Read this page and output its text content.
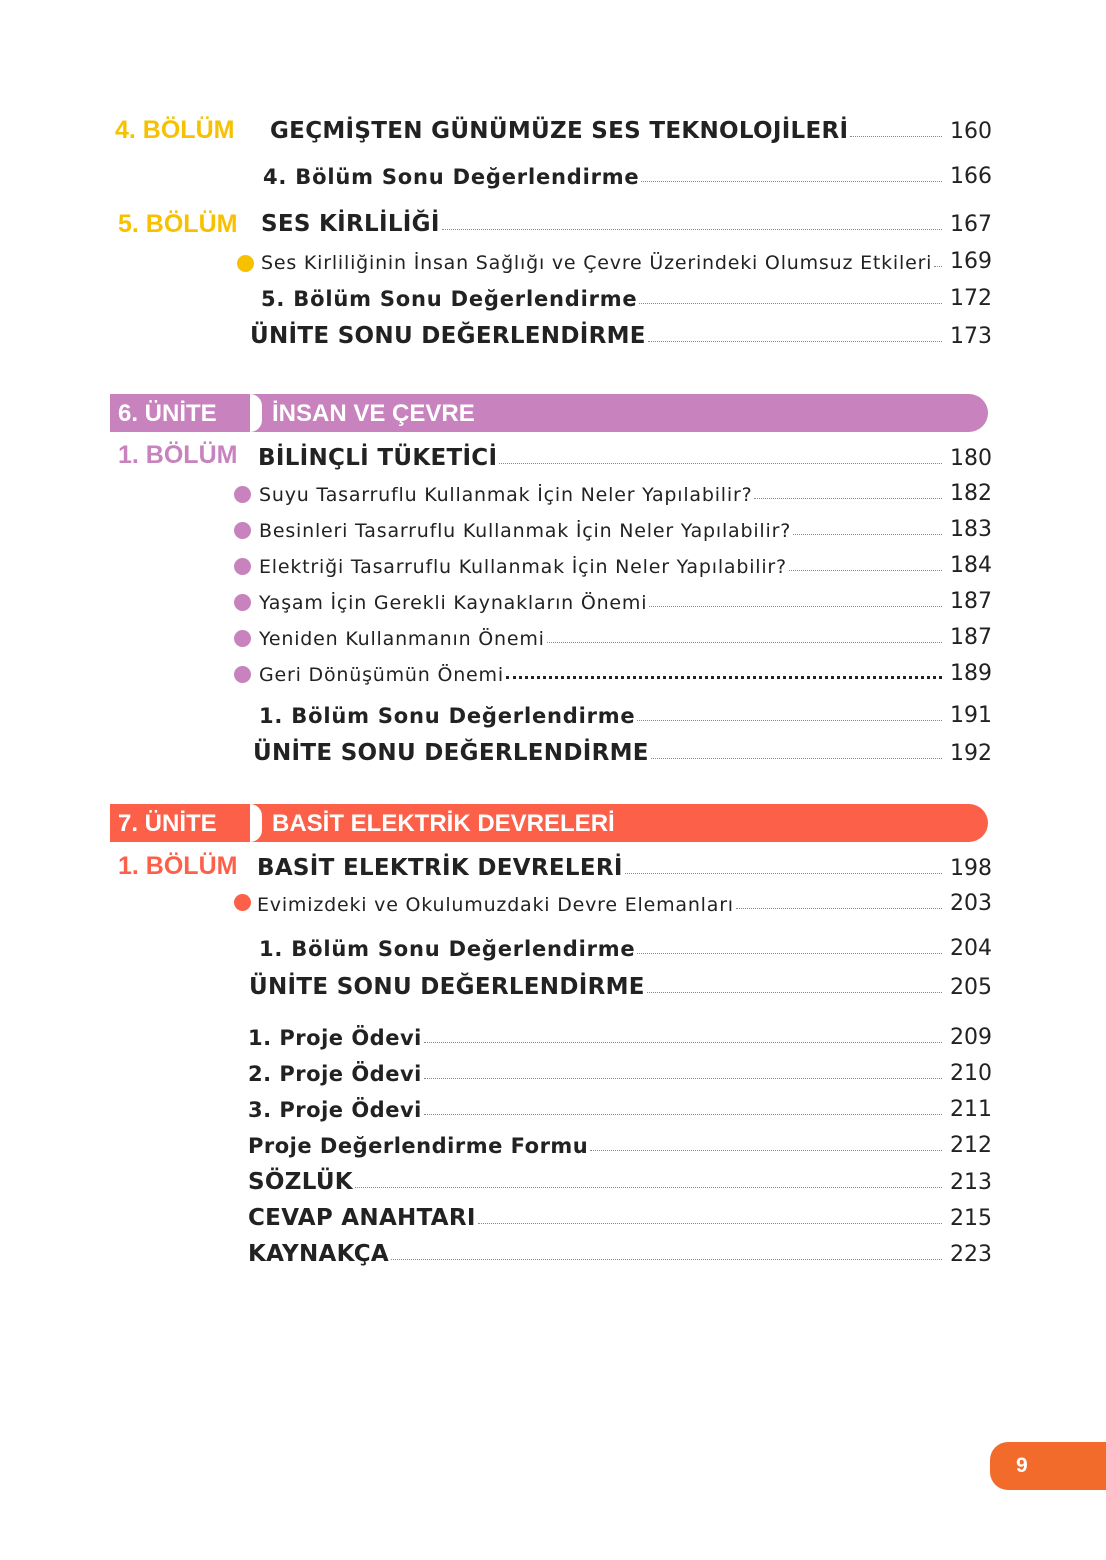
4. BÖLÜM GEÇMİŞTEN GÜNÜMÜZE SES TEKNOLOJİLERİ	160
4. Bölüm Sonu Değerlendirme	166
5. BÖLÜM SES KİRLİLİĞİ	167
Ses Kirliliğinin İnsan Sağlığı ve Çevre Üzerindeki Olumsuz Etkileri 169
5. Bölüm Sonu Değerlendirme	172
ÜNİTE SONU DEĞERLENDİRME	173
6. ÜNİTE İNSAN VE ÇEVRE
1. BÖLÜM BİLİNÇLİ TÜKETİCİ	180
Suyu Tasarruflu Kullanmak İçin Neler Yapılabilir?	182
Besinleri Tasarruflu Kullanmak İçin Neler Yapılabilir?	183
Elektriği Tasarruflu Kullanmak İçin Neler Yapılabilir?	184
Yaşam İçin Gerekli Kaynakların Önemi	187
Yeniden Kullanmanın Önemi	187
Geri Dönüşümün Önemi	189
1. Bölüm Sonu Değerlendirme	191
ÜNİTE SONU DEĞERLENDİRME	192
7. ÜNİTE BASİT ELEKTRİK DEVRELERİ
1. BÖLÜM BASİT ELEKTRİK DEVRELERİ	198
Evimizdeki ve Okulumuzdaki Devre Elemanları	203
1. Bölüm Sonu Değerlendirme	204
ÜNİTE SONU DEĞERLENDİRME	205
1. Proje Ödevi	209
2. Proje Ödevi	210
3. Proje Ödevi	211
Proje Değerlendirme Formu	212
SÖZLÜK	213
CEVAP ANAHTARI	215
KAYNAKÇA	223
9
